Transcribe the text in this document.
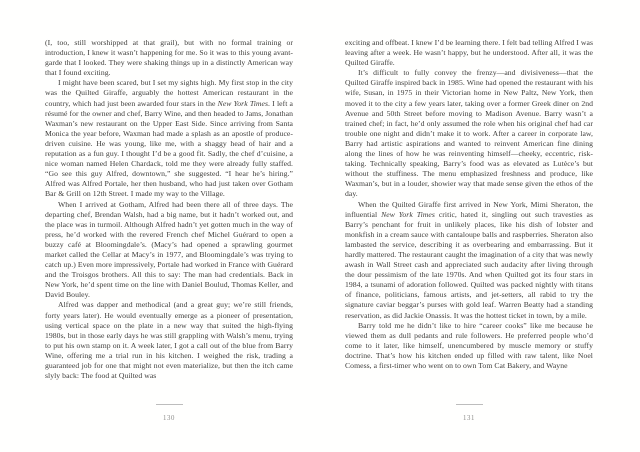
(I, too, still worshipped at that grail), but with no formal training or introduction, I knew it wasn’t happening for me. So it was to this young avant-garde that I looked. They were shaking things up in a distinctly American way that I found exciting.

I might have been scared, but I set my sights high. My first stop in the city was the Quilted Giraffe, arguably the hottest American restaurant in the country, which had just been awarded four stars in the New York Times. I left a résumé for the owner and chef, Barry Wine, and then headed to Jams, Jonathan Waxman’s new restaurant on the Upper East Side. Since arriving from Santa Monica the year before, Waxman had made a splash as an apostle of produce-driven cuisine. He was young, like me, with a shaggy head of hair and a reputation as a fun guy. I thought I’d be a good fit. Sadly, the chef d’cuisine, a nice woman named Helen Chardack, told me they were already fully staffed. “Go see this guy Alfred, downtown,” she suggested. “I hear he’s hiring.” Alfred was Alfred Portale, her then husband, who had just taken over Gotham Bar & Grill on 12th Street. I made my way to the Village.

When I arrived at Gotham, Alfred had been there all of three days. The departing chef, Brendan Walsh, had a big name, but it hadn’t worked out, and the place was in turmoil. Although Alfred hadn’t yet gotten much in the way of press, he’d worked with the revered French chef Michel Guérard to open a buzzy café at Bloomingdale’s. (Macy’s had opened a sprawling gourmet market called the Cellar at Macy’s in 1977, and Bloomingdale’s was trying to catch up.) Even more impressively, Portale had worked in France with Guérard and the Troisgos brothers. All this to say: The man had credentials. Back in New York, he’d spent time on the line with Daniel Boulud, Thomas Keller, and David Bouley.

Alfred was dapper and methodical (and a great guy; we’re still friends, forty years later). He would eventually emerge as a pioneer of presentation, using vertical space on the plate in a new way that suited the high-flying 1980s, but in those early days he was still grappling with Walsh’s menu, trying to put his own stamp on it. A week later, I got a call out of the blue from Barry Wine, offering me a trial run in his kitchen. I weighed the risk, trading a guaranteed job for one that might not even materialize, but then the itch came slyly back: The food at Quilted was

130

exciting and offbeat. I knew I’d be learning there. I felt bad telling Alfred I was leaving after a week. He wasn’t happy, but he understood. After all, it was the Quilted Giraffe.

It’s difficult to fully convey the frenzy—and divisiveness—that the Quilted Giraffe inspired back in 1985. Wine had opened the restaurant with his wife, Susan, in 1975 in their Victorian home in New Paltz, New York, then moved it to the city a few years later, taking over a former Greek diner on 2nd Avenue and 50th Street before moving to Madison Avenue. Barry wasn’t a trained chef; in fact, he’d only assumed the role when his original chef had car trouble one night and didn’t make it to work. After a career in corporate law, Barry had artistic aspirations and wanted to reinvent American fine dining along the lines of how he was reinventing himself—cheeky, eccentric, risk-taking. Technically speaking, Barry’s food was as elevated as Lutèce’s but without the stuffiness. The menu emphasized freshness and produce, like Waxman’s, but in a louder, showier way that made sense given the ethos of the day.

When the Quilted Giraffe first arrived in New York, Mimi Sheraton, the influential New York Times critic, hated it, singling out such travesties as Barry’s penchant for fruit in unlikely places, like his dish of lobster and monkfish in a cream sauce with cantaloupe balls and raspberries. Sheraton also lambasted the service, describing it as overbearing and embarrassing. But it hardly mattered. The restaurant caught the imagination of a city that was newly awash in Wall Street cash and appreciated such audacity after living through the dour pessimism of the late 1970s. And when Quilted got its four stars in 1984, a tsunami of adoration followed. Quilted was packed nightly with titans of finance, politicians, famous artists, and jet-setters, all rabid to try the signature caviar beggar’s purses with gold leaf. Warren Beatty had a standing reservation, as did Jackie Onassis. It was the hottest ticket in town, by a mile.

Barry told me he didn’t like to hire “career cooks” like me because he viewed them as dull pedants and rule followers. He preferred people who’d come to it later, like himself, unencumbered by muscle memory or stuffy doctrine. That’s how his kitchen ended up filled with raw talent, like Noel Comess, a first-timer who went on to own Tom Cat Bakery, and Wayne

131
